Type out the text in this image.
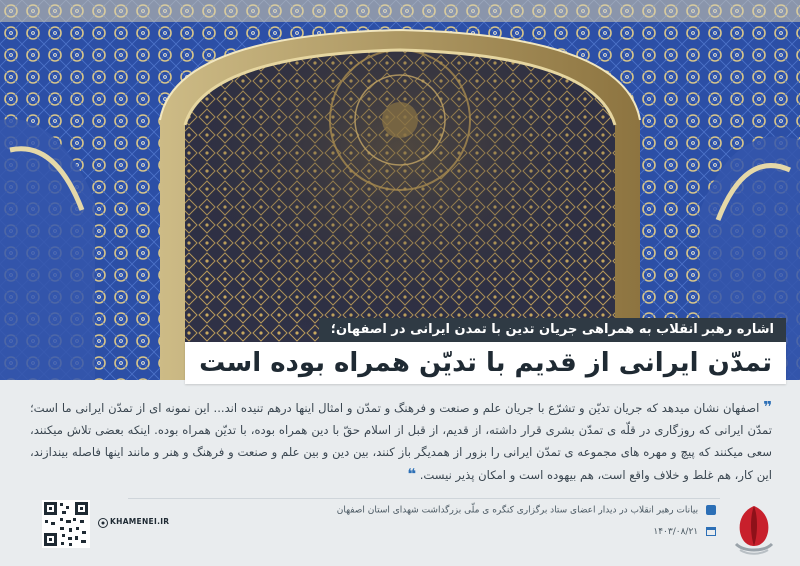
اشاره رهبر انقلاب به همراهی جریان تدین با تمدن ایرانی در اصفهان؛
تمدّن ایرانی از قدیم با تدیّن همراه بوده است

❞ اصفهان نشان میدهد که جریان تدیّن و تشرّع با جریان علم و صنعت و فرهنگ و تمدّن و امثال اینها درهم تنیده اند... این نمونه ای از تمدّن ایرانی ما است؛ تمدّن ایرانی که روزگاری در قلّه ی تمدّن بشری قرار داشته، از قدیم، از قبل از اسلام حقّ با دین همراه بوده، با تدیّن همراه بوده. اینکه بعضی تلاش میکنند، سعی میکنند که پیچ و مهره های مجموعه ی تمدّن ایرانی را بزور از همدیگر باز کنند، بین دین و بین علم و صنعت و فرهنگ و هنر و مانند اینها فاصله بیندازند، این کار، هم غلط و خلاف واقع است، هم بیهوده است و امکان پذیر نیست. ❝

بیانات رهبر انقلاب در دیدار اعضای ستاد برگزاری کنگره ی ملّی بزرگداشت شهدای استان اصفهان
۱۴۰۳/۰۸/۲۱
KHAMENEI.IR
